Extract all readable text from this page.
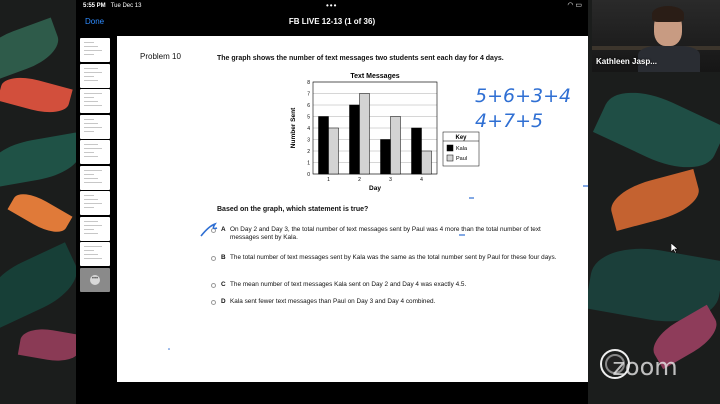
5:55 PM Tue Dec 13	•••	◠ ▭
Done	FB LIVE 12-13 (1 of 36)
•••
Problem 10	The graph shows the number of text messages two students sent each day for 4 days.
Text Messages
0
1
2
3
4
5
6
7
8
Number Sent
Day
1	2	3	4
Key
Kala
Paul
Based on the graph, which statement is true?
A On Day 2 and Day 3, the total number of text messages sent by Paul was 4 more than the total number of text messages sent by Kala.
B The total number of text messages sent by Kala was the same as the total number sent by Paul for these four days.
C The mean number of text messages Kala sent on Day 2 and Day 4 was exactly 4.5.
D Kala sent fewer text messages than Paul on Day 3 and Day 4 combined.
5+6+3+4
4+7+5
Kathleen Jasp...
zoom
